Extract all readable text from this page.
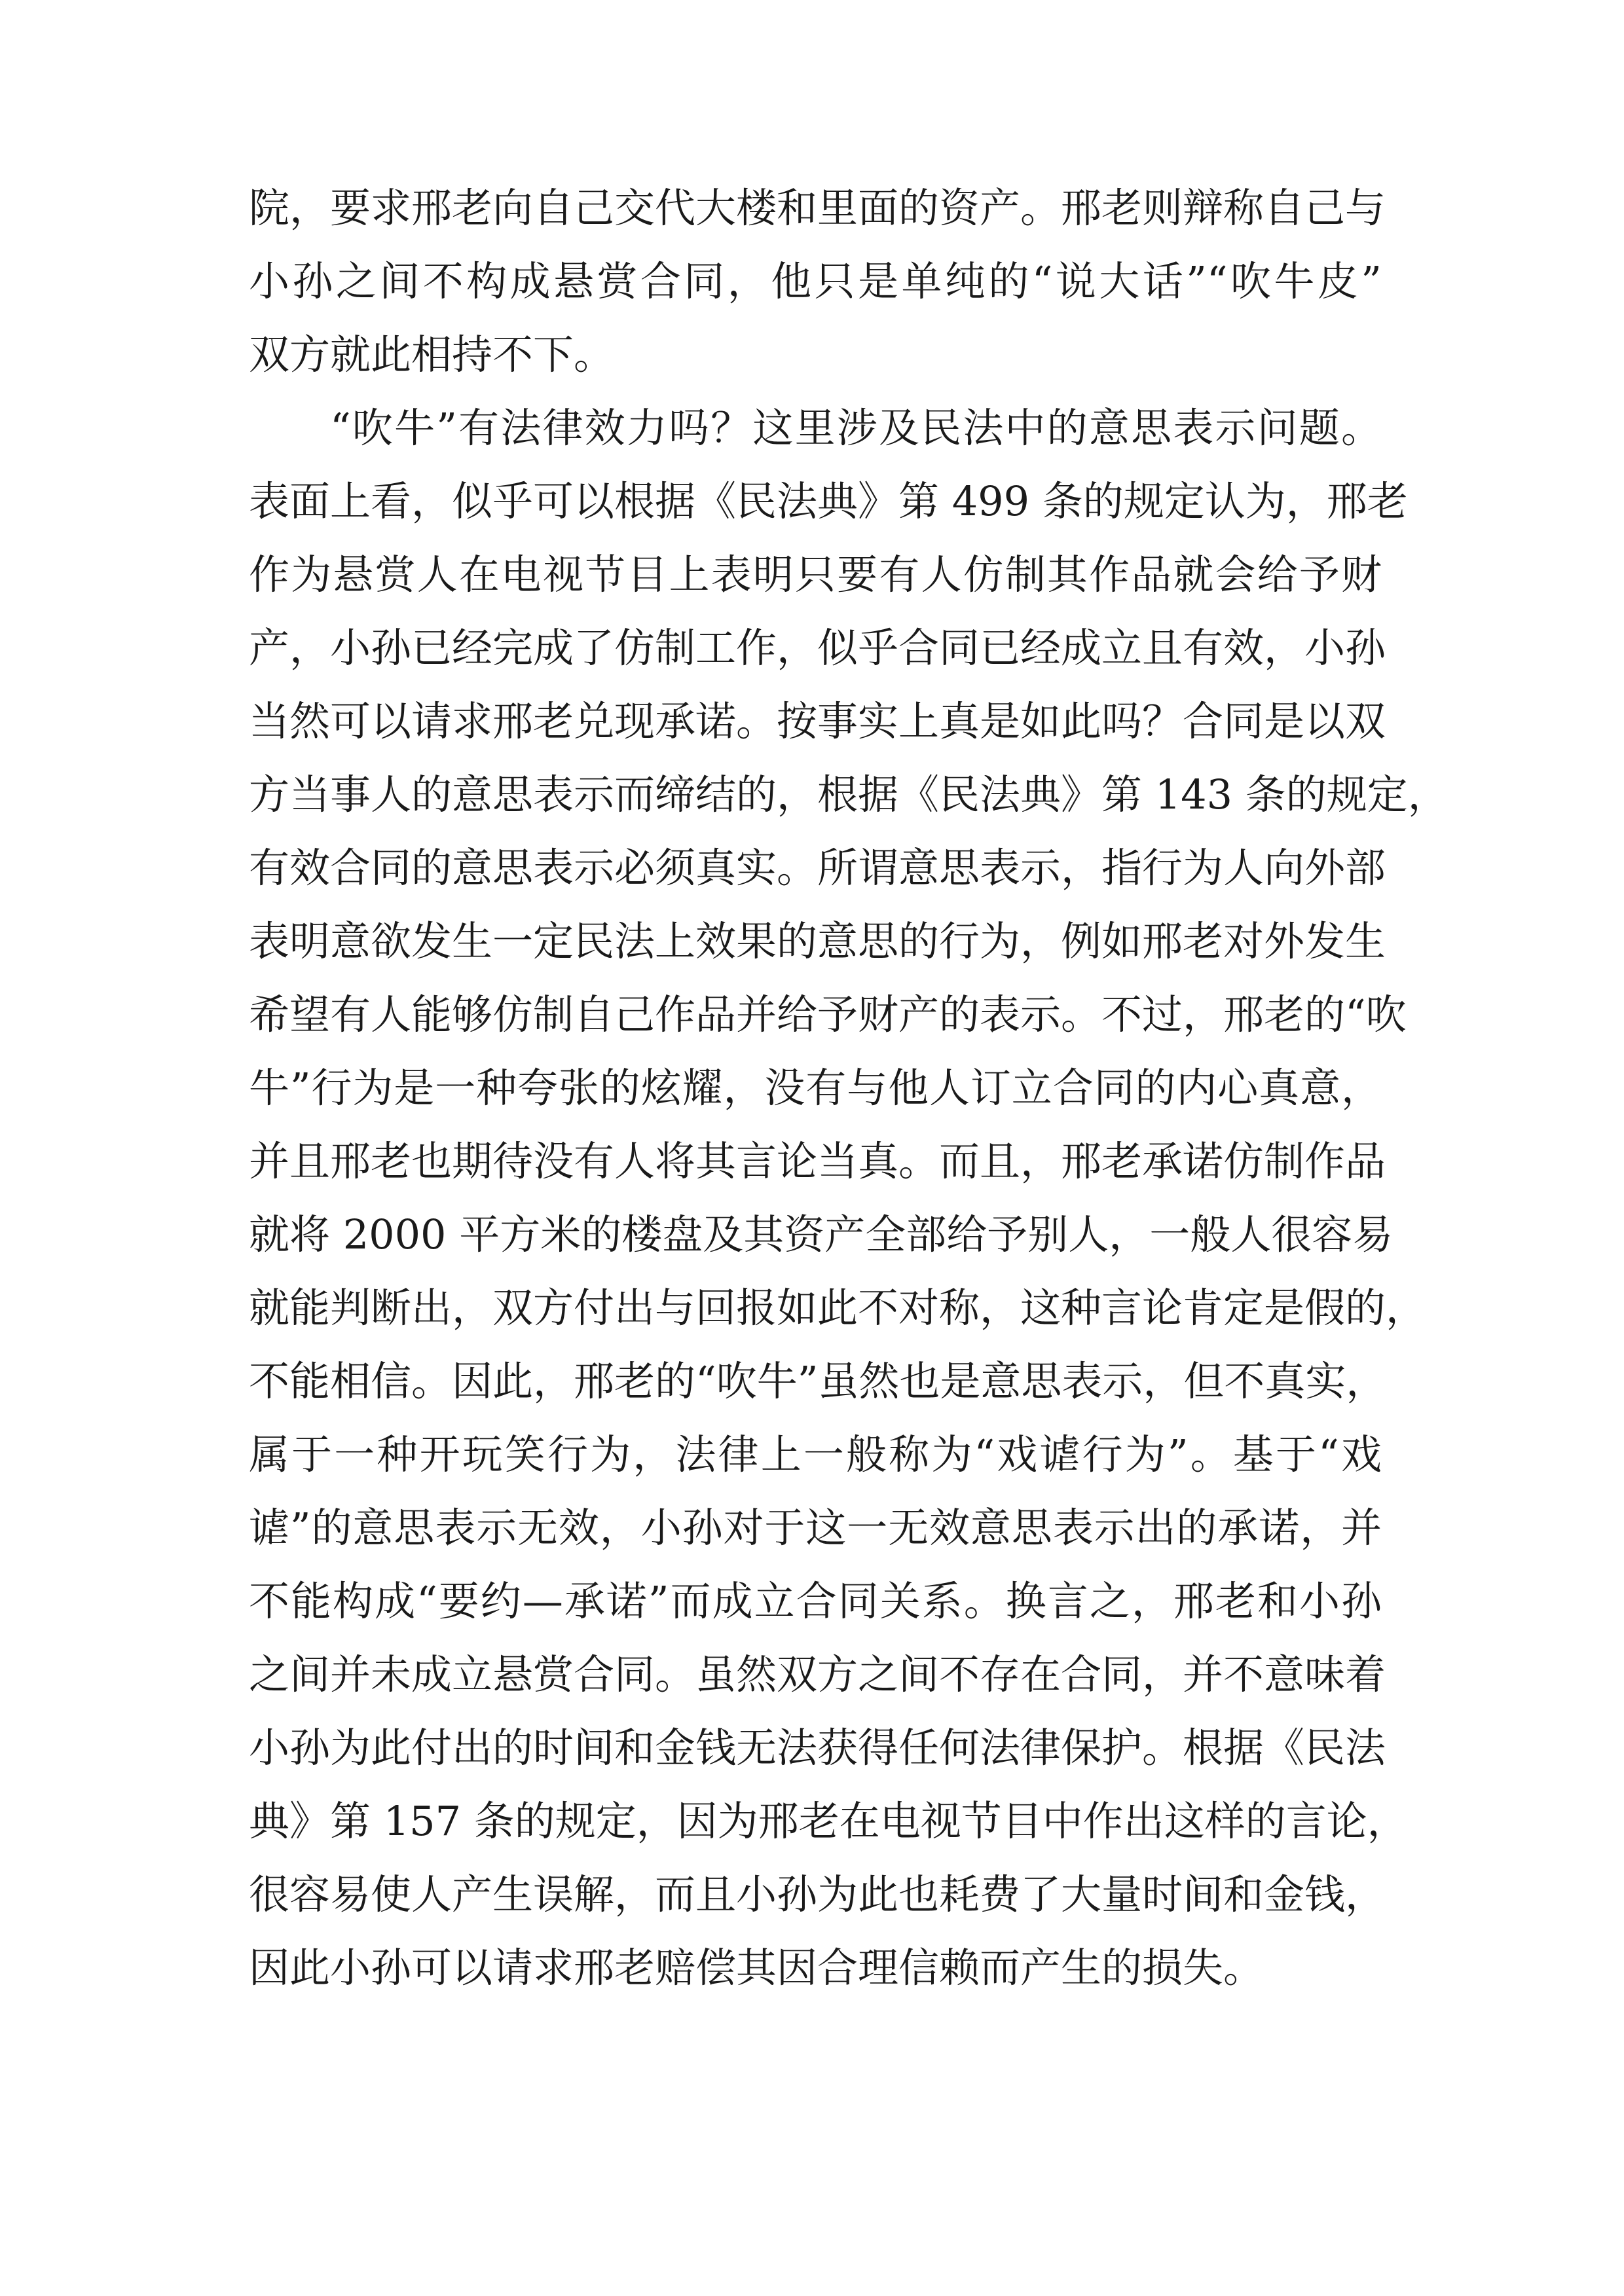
院，要求邢老向自己交代大楼和里面的资产。邢老则辩称自己与
小孙之间不构成悬赏合同，他只是单纯的“说大话”“吹牛皮”
双方就此相持不下。
“吹牛”有法律效力吗？这里涉及民法中的意思表示问题。
表面上看，似乎可以根据《民法典》第 499 条的规定认为，邢老
作为悬赏人在电视节目上表明只要有人仿制其作品就会给予财
产，小孙已经完成了仿制工作，似乎合同已经成立且有效，小孙
当然可以请求邢老兑现承诺。按事实上真是如此吗？合同是以双
方当事人的意思表示而缔结的，根据《民法典》第 143 条的规定，
有效合同的意思表示必须真实。所谓意思表示，指行为人向外部
表明意欲发生一定民法上效果的意思的行为，例如邢老对外发生
希望有人能够仿制自己作品并给予财产的表示。不过，邢老的“吹
牛”行为是一种夸张的炫耀，没有与他人订立合同的内心真意，
并且邢老也期待没有人将其言论当真。而且，邢老承诺仿制作品
就将 2000 平方米的楼盘及其资产全部给予别人，一般人很容易
就能判断出，双方付出与回报如此不对称，这种言论肯定是假的，
不能相信。因此，邢老的“吹牛”虽然也是意思表示，但不真实，
属于一种开玩笑行为，法律上一般称为“戏谑行为”。基于“戏
谑”的意思表示无效，小孙对于这一无效意思表示出的承诺，并
不能构成“要约—承诺”而成立合同关系。换言之，邢老和小孙
之间并未成立悬赏合同。虽然双方之间不存在合同，并不意味着
小孙为此付出的时间和金钱无法获得任何法律保护。根据《民法
典》第 157 条的规定，因为邢老在电视节目中作出这样的言论，
很容易使人产生误解，而且小孙为此也耗费了大量时间和金钱，
因此小孙可以请求邢老赔偿其因合理信赖而产生的损失。
